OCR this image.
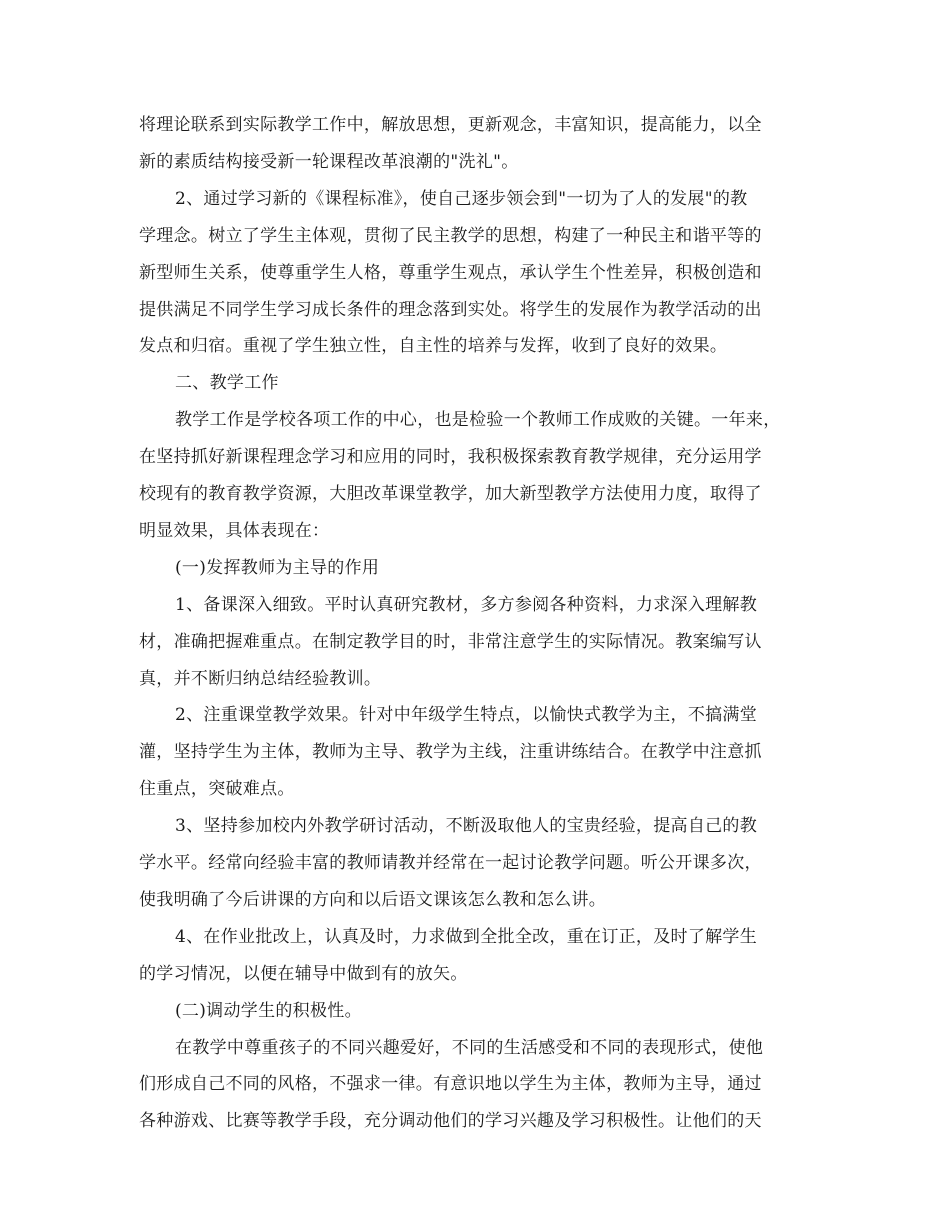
将理论联系到实际教学工作中，解放思想，更新观念，丰富知识，提高能力，以全
新的素质结构接受新一轮课程改革浪潮的"洗礼"。
2、通过学习新的《课程标准》，使自己逐步领会到"一切为了人的发展"的教
学理念。树立了学生主体观，贯彻了民主教学的思想，构建了一种民主和谐平等的
新型师生关系，使尊重学生人格，尊重学生观点，承认学生个性差异，积极创造和
提供满足不同学生学习成长条件的理念落到实处。将学生的发展作为教学活动的出
发点和归宿。重视了学生独立性，自主性的培养与发挥，收到了良好的效果。
二、教学工作
教学工作是学校各项工作的中心，也是检验一个教师工作成败的关键。一年来，
在坚持抓好新课程理念学习和应用的同时，我积极探索教育教学规律，充分运用学
校现有的教育教学资源，大胆改革课堂教学，加大新型教学方法使用力度，取得了
明显效果，具体表现在：
(一)发挥教师为主导的作用
1、备课深入细致。平时认真研究教材，多方参阅各种资料，力求深入理解教
材，准确把握难重点。在制定教学目的时，非常注意学生的实际情况。教案编写认
真，并不断归纳总结经验教训。
2、注重课堂教学效果。针对中年级学生特点，以愉快式教学为主，不搞满堂
灌，坚持学生为主体，教师为主导、教学为主线，注重讲练结合。在教学中注意抓
住重点，突破难点。
3、坚持参加校内外教学研讨活动，不断汲取他人的宝贵经验，提高自己的教
学水平。经常向经验丰富的教师请教并经常在一起讨论教学问题。听公开课多次，
使我明确了今后讲课的方向和以后语文课该怎么教和怎么讲。
4、在作业批改上，认真及时，力求做到全批全改，重在订正，及时了解学生
的学习情况，以便在辅导中做到有的放矢。
(二)调动学生的积极性。
在教学中尊重孩子的不同兴趣爱好，不同的生活感受和不同的表现形式，使他
们形成自己不同的风格，不强求一律。有意识地以学生为主体，教师为主导，通过
各种游戏、比赛等教学手段，充分调动他们的学习兴趣及学习积极性。让他们的天
